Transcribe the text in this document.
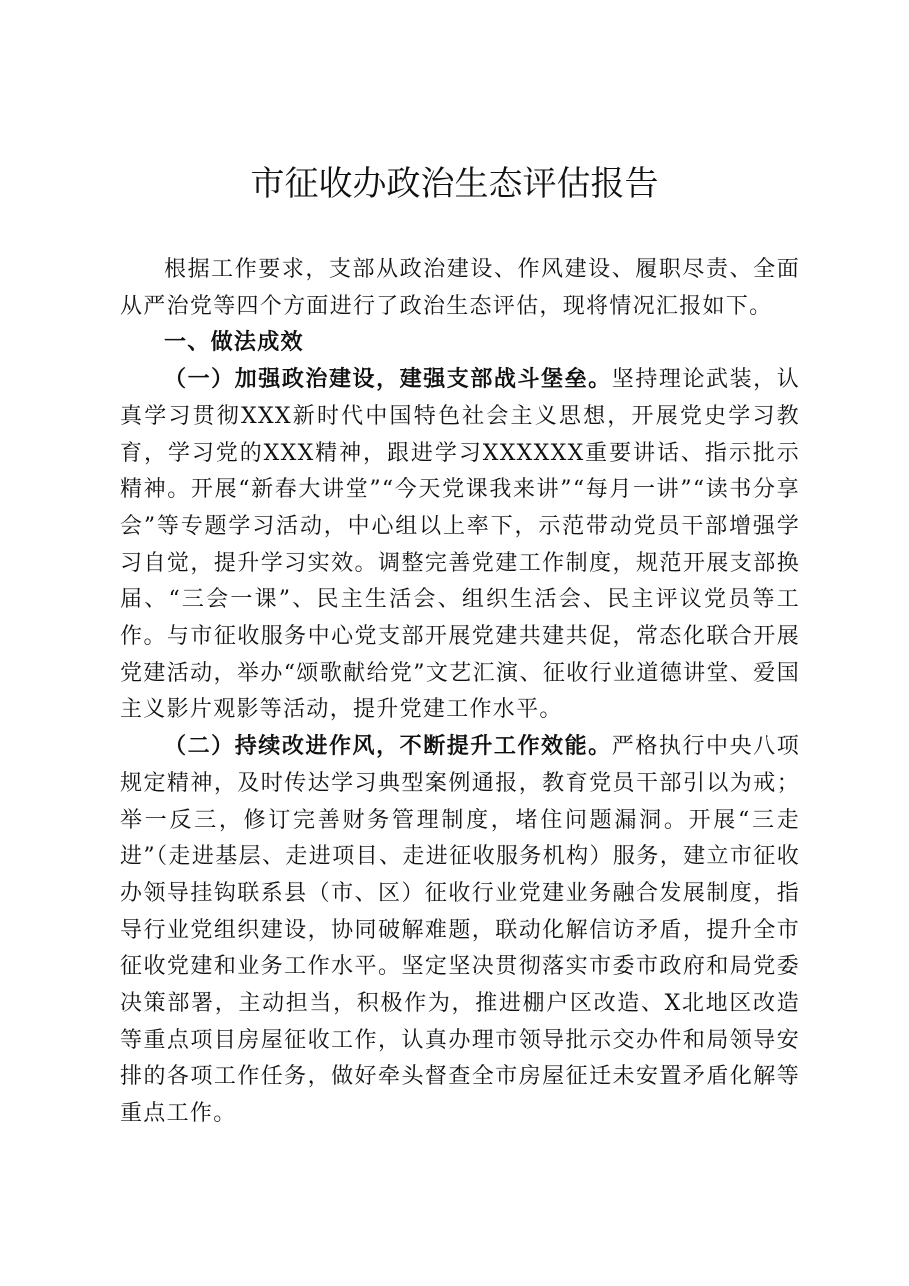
市征收办政治生态评估报告

根据工作要求，支部从政治建设、作风建设、履职尽责、全面从严治党等四个方面进行了政治生态评估，现将情况汇报如下。

一、做法成效

（一）加强政治建设，建强支部战斗堡垒。坚持理论武装，认真学习贯彻XXX新时代中国特色社会主义思想，开展党史学习教育，学习党的XXX精神，跟进学习XXXXXX重要讲话、指示批示精神。开展“新春大讲堂”“今天党课我来讲”“每月一讲”“读书分享会”等专题学习活动，中心组以上率下，示范带动党员干部增强学习自觉，提升学习实效。调整完善党建工作制度，规范开展支部换届、“三会一课”、民主生活会、组织生活会、民主评议党员等工作。与市征收服务中心党支部开展党建共建共促，常态化联合开展党建活动，举办“颂歌献给党”文艺汇演、征收行业道德讲堂、爱国主义影片观影等活动，提升党建工作水平。

（二）持续改进作风，不断提升工作效能。严格执行中央八项规定精神，及时传达学习典型案例通报，教育党员干部引以为戒；举一反三，修订完善财务管理制度，堵住问题漏洞。开展“三走进”（走进基层、走进项目、走进征收服务机构）服务，建立市征收办领导挂钩联系县（市、区）征收行业党建业务融合发展制度，指导行业党组织建设，协同破解难题，联动化解信访矛盾，提升全市征收党建和业务工作水平。坚定坚决贯彻落实市委市政府和局党委决策部署，主动担当，积极作为，推进棚户区改造、X北地区改造等重点项目房屋征收工作，认真办理市领导批示交办件和局领导安排的各项工作任务，做好牵头督查全市房屋征迁未安置矛盾化解等重点工作。
